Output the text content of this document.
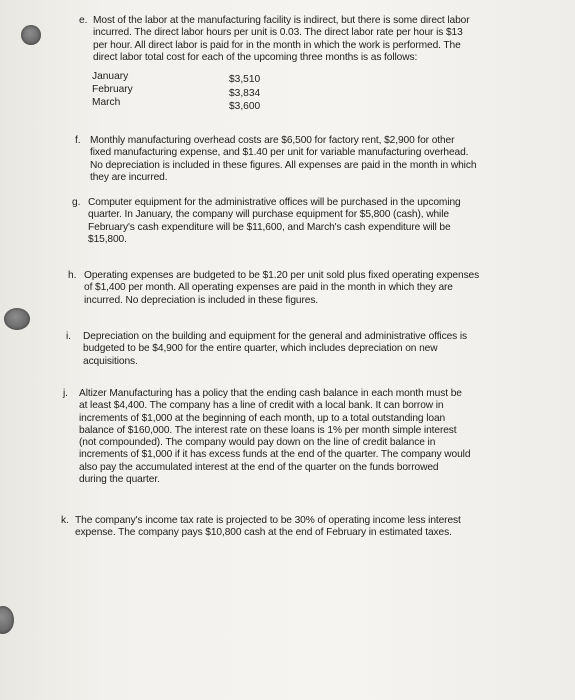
e. Most of the labor at the manufacturing facility is indirect, but there is some direct labor
incurred. The direct labor hours per unit is 0.03. The direct labor rate per hour is $13
per hour. All direct labor is paid for in the month in which the work is performed. The
direct labor total cost for each of the upcoming three months is as follows:
January	$3,510
February	$3,834
March	$3,600
f. Monthly manufacturing overhead costs are $6,500 for factory rent, $2,900 for other
fixed manufacturing expense, and $1.40 per unit for variable manufacturing overhead.
No depreciation is included in these figures. All expenses are paid in the month in which
they are incurred.
g. Computer equipment for the administrative offices will be purchased in the upcoming
quarter. In January, the company will purchase equipment for $5,800 (cash), while
February's cash expenditure will be $11,600, and March's cash expenditure will be
$15,800.
h. Operating expenses are budgeted to be $1.20 per unit sold plus fixed operating expenses
of $1,400 per month. All operating expenses are paid in the month in which they are
incurred. No depreciation is included in these figures.
i. Depreciation on the building and equipment for the general and administrative offices is
budgeted to be $4,900 for the entire quarter, which includes depreciation on new
acquisitions.
j. Altizer Manufacturing has a policy that the ending cash balance in each month must be
at least $4,400. The company has a line of credit with a local bank. It can borrow in
increments of $1,000 at the beginning of each month, up to a total outstanding loan
balance of $160,000. The interest rate on these loans is 1% per month simple interest
(not compounded). The company would pay down on the line of credit balance in
increments of $1,000 if it has excess funds at the end of the quarter. The company would
also pay the accumulated interest at the end of the quarter on the funds borrowed
during the quarter.
k. The company's income tax rate is projected to be 30% of operating income less interest
expense. The company pays $10,800 cash at the end of February in estimated taxes.
